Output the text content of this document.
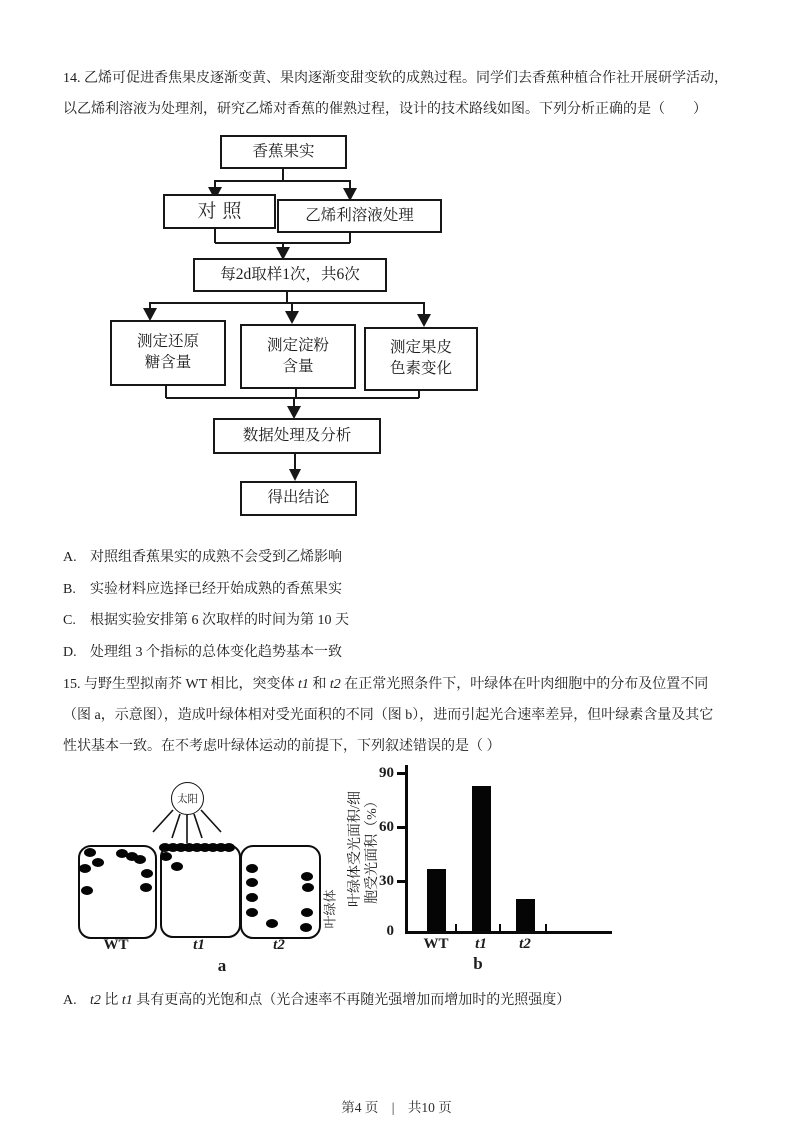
14. 乙烯可促进香焦果皮逐渐变黄、果肉逐渐变甜变软的成熟过程。同学们去香蕉种植合作社开展研学活动，
以乙烯利溶液为处理剂，研究乙烯对香蕉的催熟过程，设计的技术路线如图。下列分析正确的是（　　）
香蕉果实
对照	乙烯利溶液处理
每2d取样1次，共6次
测定还原
糖含量
测定淀粉
含量
测定果皮
色素变化
数据处理及分析
得出结论
A. 对照组香蕉果实的成熟不会受到乙烯影响
B.	实验材料应选择已经开始成熟的香蕉果实
C.	根据实验安排第 6 次取样的时间为第 10 天
D. 处理组 3 个指标的总体变化趋势基本一致
15. 与野生型拟南芥 WT 相比，突变体 t1 和 t2 在正常光照条件下，叶绿体在叶肉细胞中的分布及位置不同
（图 a，示意图），造成叶绿体相对受光面积的不同（图 b），进而引起光合速率差异，但叶绿素含量及其它
性状基本一致。在不考虑叶绿体运动的前提下，下列叙述错误的是（ ）
太阳
WT	t1	t2
a
叶绿体
叶绿体受光面积/细 胞受光面积（%）
90
60
30
0
WT t1 t2
b
A. t2 比 t1 具有更高的光饱和点（光合速率不再随光强增加而增加时的光照强度）
第4 页 | 共10 页
